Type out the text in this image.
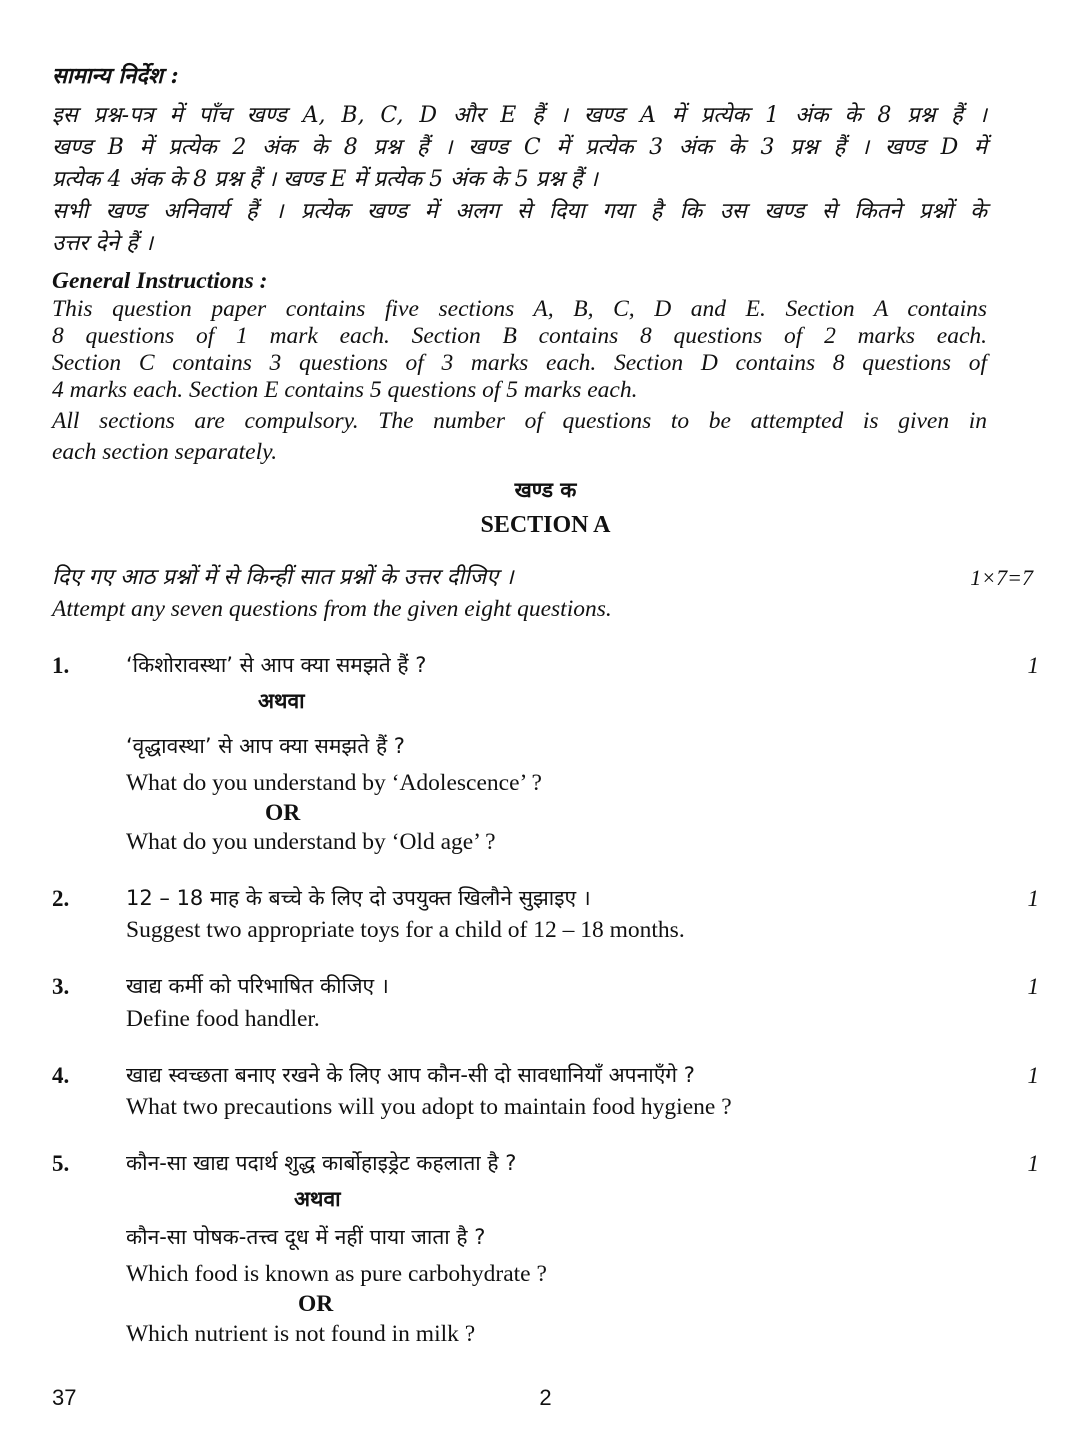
सामान्य निर्देश :
इस प्रश्न-पत्र में पाँच खण्ड A, B, C, D और E हैं । खण्ड A में प्रत्येक 1 अंक के 8 प्रश्न हैं ।
खण्ड B में प्रत्येक 2 अंक के 8 प्रश्न हैं । खण्ड C में प्रत्येक 3 अंक के 3 प्रश्न हैं । खण्ड D में
प्रत्येक 4 अंक के 8 प्रश्न हैं । खण्ड E में प्रत्येक 5 अंक के 5 प्रश्न हैं ।
सभी खण्ड अनिवार्य हैं । प्रत्येक खण्ड में अलग से दिया गया है कि उस खण्ड से कितने प्रश्नों के
उत्तर देने हैं ।
General Instructions :
This question paper contains five sections A, B, C, D and E. Section A contains
8 questions of 1 mark each. Section B contains 8 questions of 2 marks each.
Section C contains 3 questions of 3 marks each. Section D contains 8 questions of
4 marks each. Section E contains 5 questions of 5 marks each.
All sections are compulsory. The number of questions to be attempted is given in
each section separately.
खण्ड क
SECTION A
दिए गए आठ प्रश्नों में से किन्हीं सात प्रश्नों के उत्तर दीजिए ।	1×7=7
Attempt any seven questions from the given eight questions.
1.	‘किशोरावस्था’ से आप क्या समझते हैं ?	1
अथवा
‘वृद्धावस्था’ से आप क्या समझते हैं ?
What do you understand by ‘Adolescence’ ?
OR
What do you understand by ‘Old age’ ?
2.	12 – 18 माह के बच्चे के लिए दो उपयुक्त खिलौने सुझाइए ।	1
Suggest two appropriate toys for a child of 12 – 18 months.
3.	खाद्य कर्मी को परिभाषित कीजिए ।	1
Define food handler.
4.	खाद्य स्वच्छता बनाए रखने के लिए आप कौन-सी दो सावधानियाँ अपनाएँगे ?	1
What two precautions will you adopt to maintain food hygiene ?
5.	कौन-सा खाद्य पदार्थ शुद्ध कार्बोहाइड्रेट कहलाता है ?	1
अथवा
कौन-सा पोषक-तत्त्व दूध में नहीं पाया जाता है ?
Which food is known as pure carbohydrate ?
OR
Which nutrient is not found in milk ?
37	2
